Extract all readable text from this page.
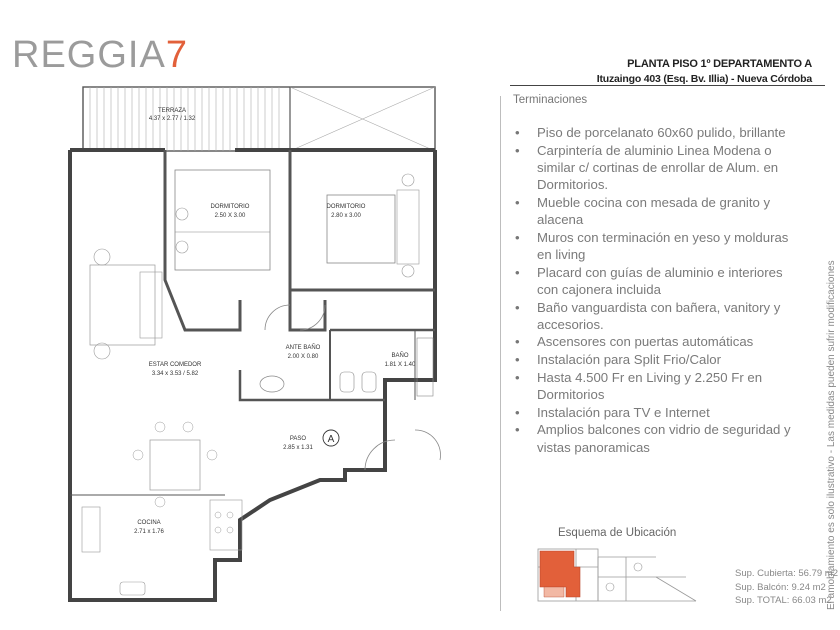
REGGIA7	PLANTA PISO 1º DEPARTAMENTO A
Ituzaingo 403 (Esq. Bv. Illia) - Nueva Córdoba
Terminaciones
• Piso de porcelanato 60x60 pulido, brillante
• Carpintería de aluminio Linea Modena o similar c/ cortinas de enrollar de Alum. en Dormitorios.
• Mueble cocina con mesada de granito y alacena
• Muros con terminación en yeso y molduras en living
• Placard con guías de aluminio e interiores con cajonera incluida
• Baño vanguardista con bañera, vanitory y accesorios.
• Ascensores con puertas automáticas
• Instalación para Split Frio/Calor
• Hasta 4.500 Fr en Living y 2.250 Fr en Dormitorios
• Instalación para TV e Internet
• Amplios balcones con vidrio de seguridad y vistas panoramicas
Esquema de Ubicación
Sup. Cubierta: 56.79 m2
Sup. Balcón: 9.24 m2
Sup. TOTAL: 66.03 m2
El amoblamiento es solo ilustrativo - Las medidas pueden sufrir modificaciones
A
TERRAZA
4.37 x 2.77 / 1.32
DORMITORIO
2.50 X 3.00
DORMITORIO
2.80 x 3.00
ANTE BAÑO
2.00 X 0.80	BAÑO
1.81 X 1.40
ESTAR COMEDOR
3.34 x 3.53 / 5.82
PASO
2.85 x 1.31
COCINA
2.71 x 1.76
